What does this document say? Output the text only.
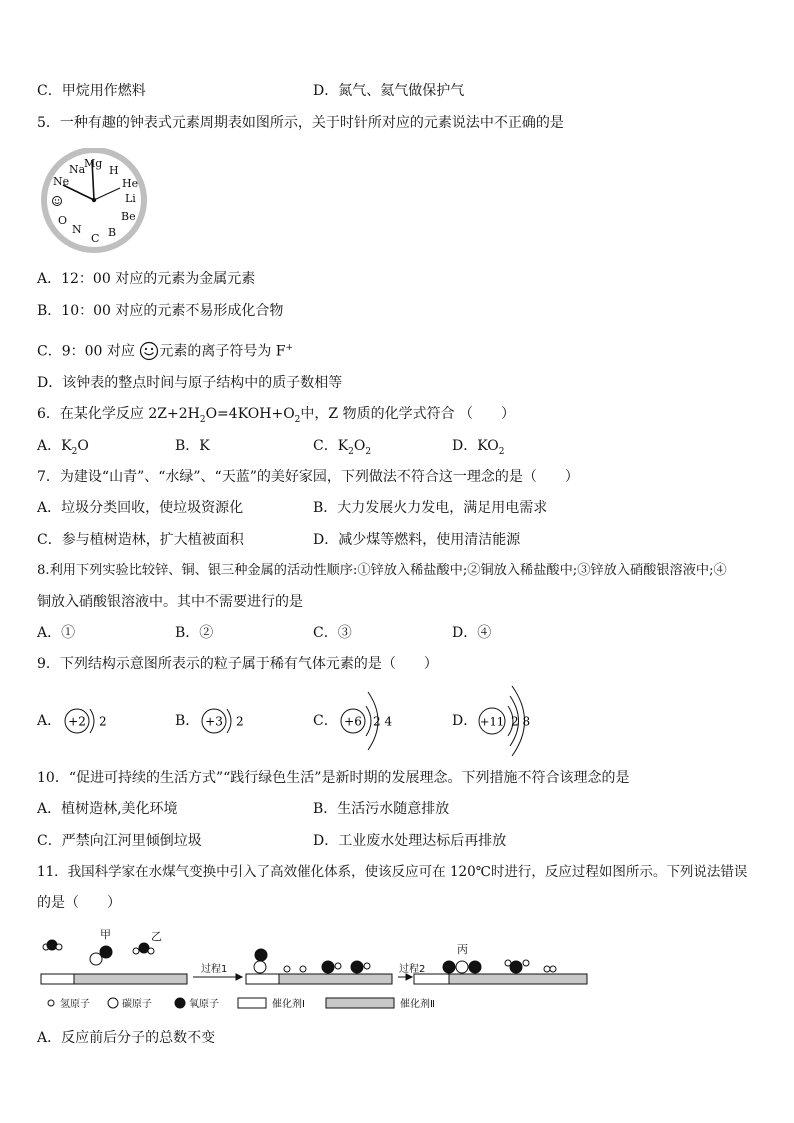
C．甲烷用作燃料	D．氮气、氦气做保护气
5．一种有趣的钟表式元素周期表如图所示，关于时针所对应的元素说法中不正确的是
H
He
Li
Be
B
C
N
O
Ne
Na
Mg
A．12：00 对应的元素为金属元素
B．10：00 对应的元素不易形成化合物
C．9：00 对应 元素的离子符号为 F+
D．该钟表的整点时间与原子结构中的质子数相等
6．在某化学反应 $2Z+2H_2O=4KOH+O_2$中，Z 物质的化学式符合 （　　）
A．$K_2O$	B．K	C．$K_2O_2$	D．$KO_2$
7．为建设“山青”、“水绿”、“天蓝”的美好家园，下列做法不符合这一理念的是（　　）
A．垃圾分类回收，使垃圾资源化	B．大力发展火力发电，满足用电需求
C．参与植树造林，扩大植被面积	D．减少煤等燃料，使用清洁能源
8.利用下列实验比较锌、铜、银三种金属的活动性顺序:①锌放入稀盐酸中;②铜放入稀盐酸中;③锌放入硝酸银溶液中;④
铜放入硝酸银溶液中。其中不需要进行的是
A．①	B．②	C．③	D．④
9．下列结构示意图所表示的粒子属于稀有气体元素的是（　　）
A． +2 2	B． +3 2	C． +6 2 4	D． +11 2 8
10．“促进可持续的生活方式”“践行绿色生活”是新时期的发展理念。下列措施不符合该理念的是
A．植树造林,美化环境	B．生活污水随意排放
C．严禁向江河里倾倒垃圾	D．工业废水处理达标后再排放
11．我国科学家在水煤气变换中引入了高效催化体系，使该反应可在 120℃时进行，反应过程如图所示。下列说法错误
的是（　　）
甲	乙
丙
过程1	过程2
氢原子	碳原子	氧原子	催化剂Ⅰ	催化剂Ⅱ
A．反应前后分子的总数不变
